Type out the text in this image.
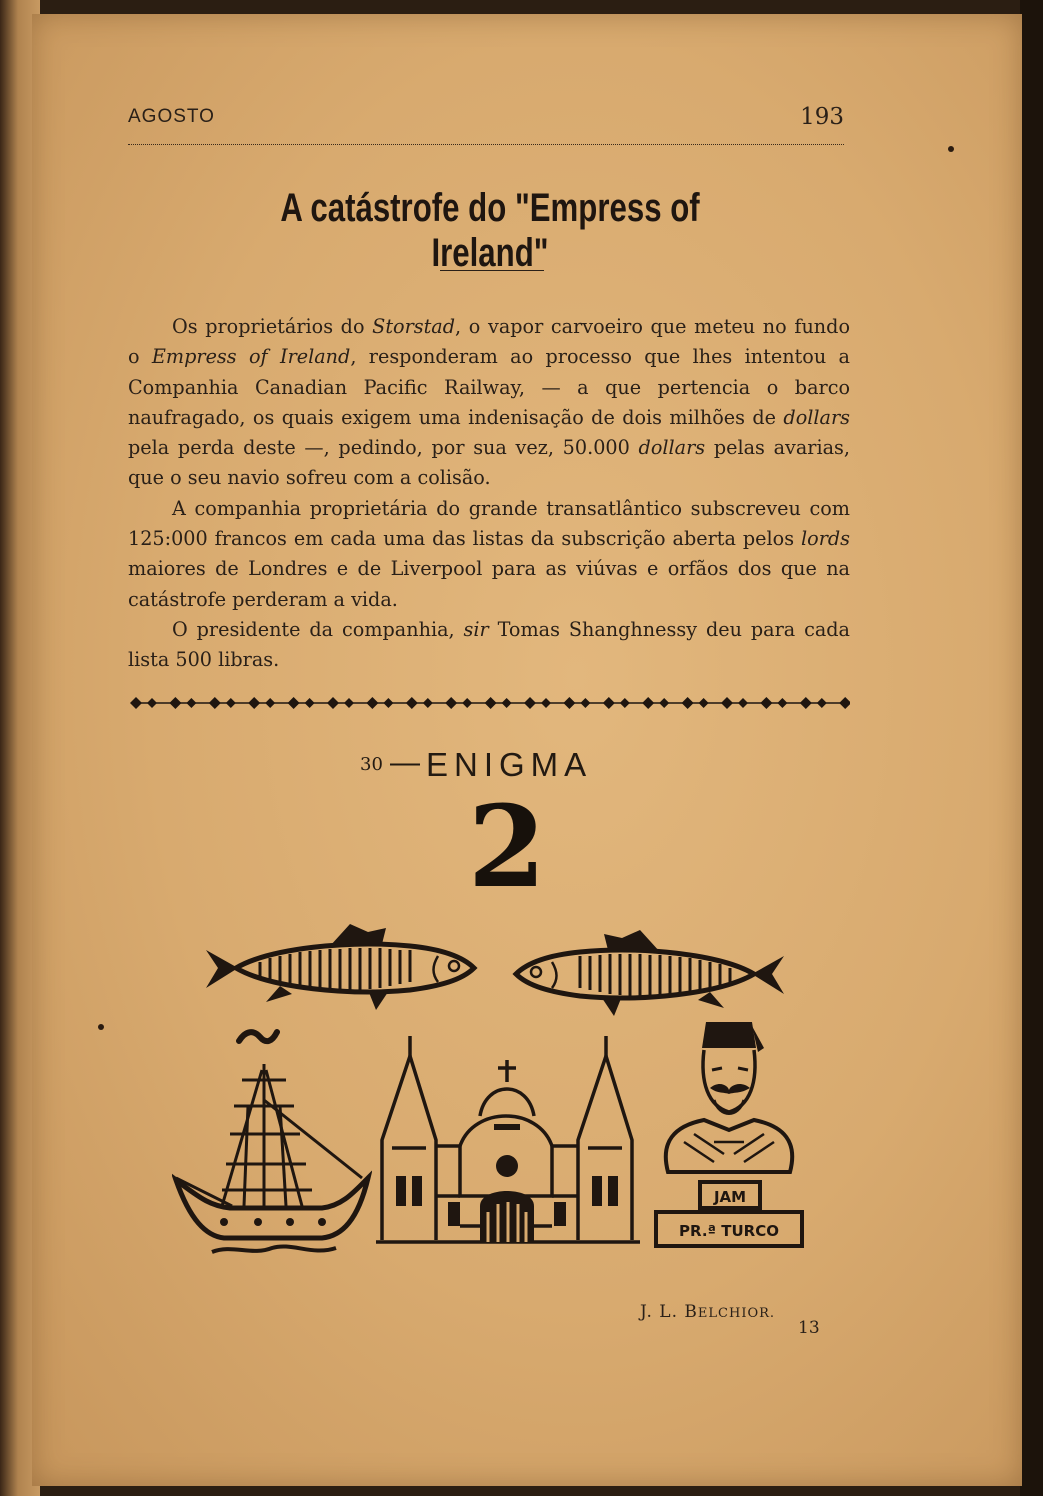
AGOSTO	193
A catástrofe do "Empress of Ireland"

Os proprietários do Storstad, o vapor carvoeiro que meteu no fundo o Empress of Ireland, responderam ao processo que lhes intentou a Companhia Canadian Pacific Railway, — a que pertencia o barco naufragado, os quais exigem uma indenisação de dois milhões de dollars pela perda deste —, pedindo, por sua vez, 50.000 dollars pelas avarias, que o seu navio sofreu com a colisão.

A companhia proprietária do grande transatlântico subscreveu com 125:000 francos em cada uma das listas da subscrição aberta pelos lords maiores de Londres e de Liverpool para as viúvas e orfãos dos que na catástrofe perderam a vida.

O presidente da companhia, sir Tomas Shanghnessy deu para cada lista 500 libras.

30 — ENIGMA
2
JAM
PR.ª TURCO
J. L. BELCHIOR.
13
